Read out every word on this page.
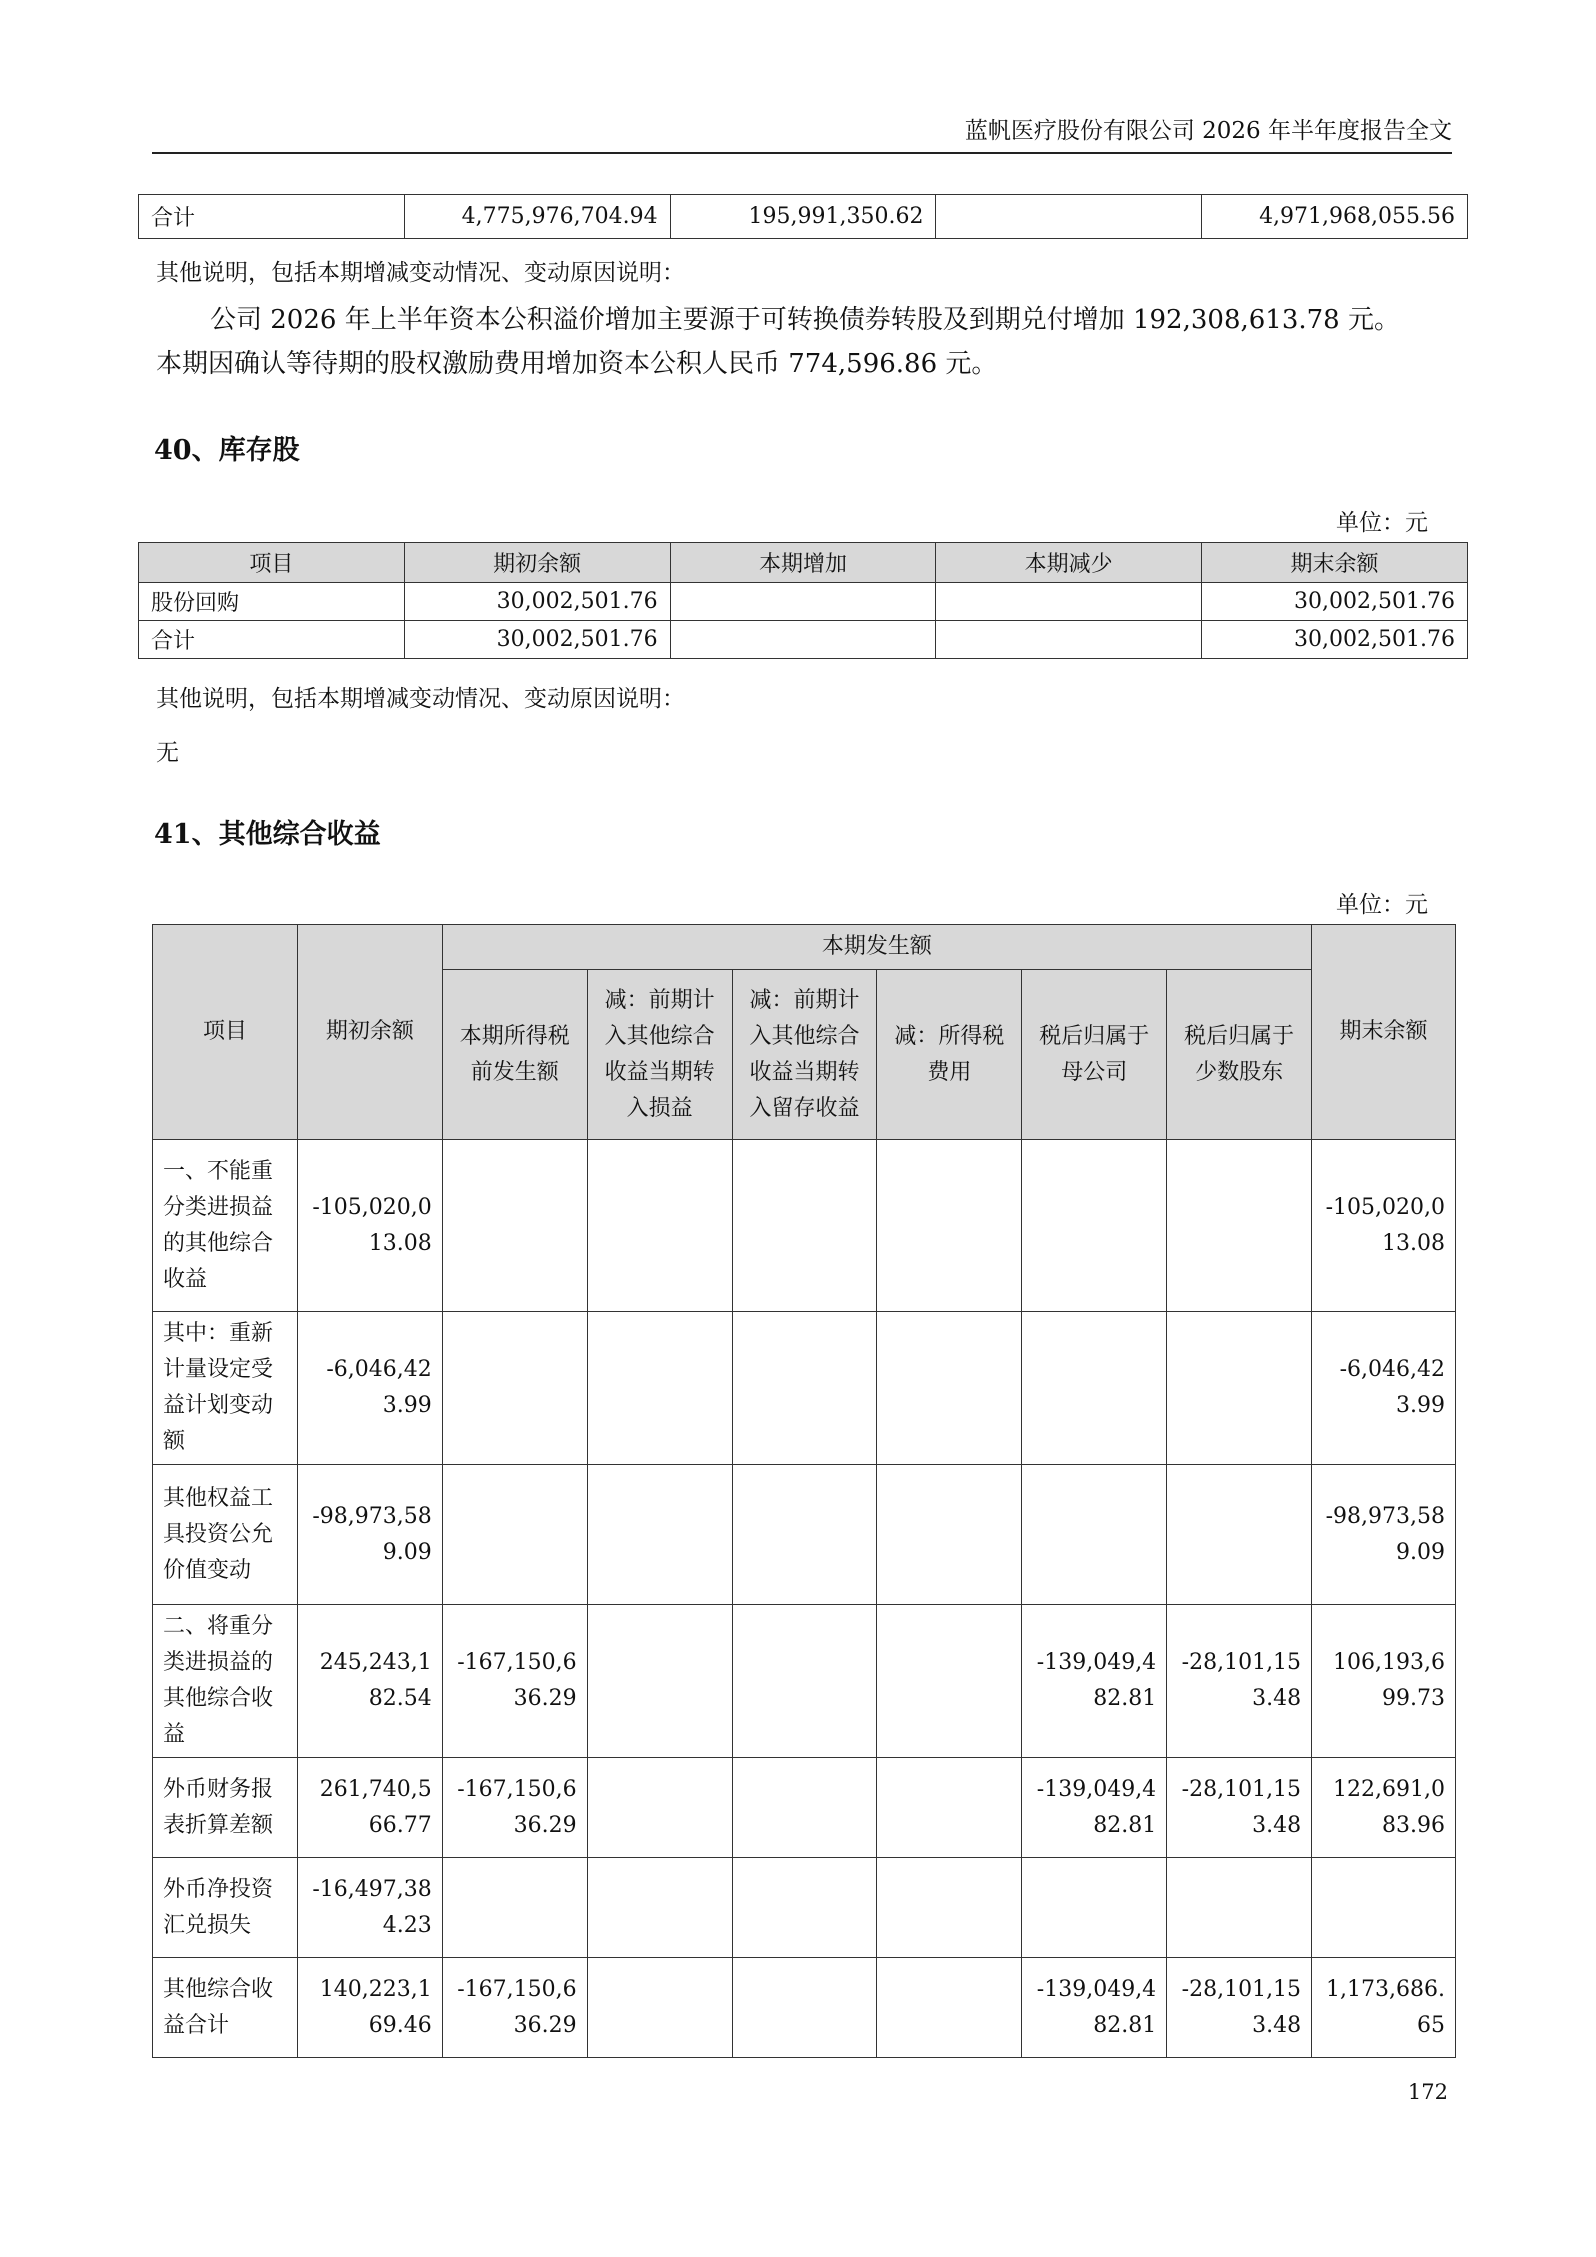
蓝帆医疗股份有限公司 2026 年半年度报告全文
合计	4,775,976,704.94	195,991,350.62		4,971,968,055.56
其他说明，包括本期增减变动情况、变动原因说明：
公司 2026 年上半年资本公积溢价增加主要源于可转换债券转股及到期兑付增加 192,308,613.78 元。
本期因确认等待期的股权激励费用增加资本公积人民币 774,596.86 元。
40、库存股
单位：元
项目	期初余额	本期增加	本期减少	期末余额
股份回购	30,002,501.76			30,002,501.76
合计	30,002,501.76			30,002,501.76
其他说明，包括本期增减变动情况、变动原因说明：
无
41、其他综合收益
单位：元
项目	期初余额	本期发生额						期末余额
		本期所得税前发生额	减：前期计入其他综合收益当期转入损益	减：前期计入其他综合收益当期转入留存收益	减：所得税费用	税后归属于母公司	税后归属于少数股东	
一、不能重分类进损益的其他综合收益	-105,020,013.08							-105,020,013.08
其中：重新计量设定受益计划变动额	-6,046,423.99							-6,046,423.99
其他权益工具投资公允价值变动	-98,973,589.09							-98,973,589.09
二、将重分类进损益的其他综合收益	245,243,182.54	-167,150,636.29				-139,049,482.81	-28,101,153.48	106,193,699.73
外币财务报表折算差额	261,740,566.77	-167,150,636.29				-139,049,482.81	-28,101,153.48	122,691,083.96
外币净投资汇兑损失	-16,497,384.23							
其他综合收益合计	140,223,169.46	-167,150,636.29				-139,049,482.81	-28,101,153.48	1,173,686.65
172
